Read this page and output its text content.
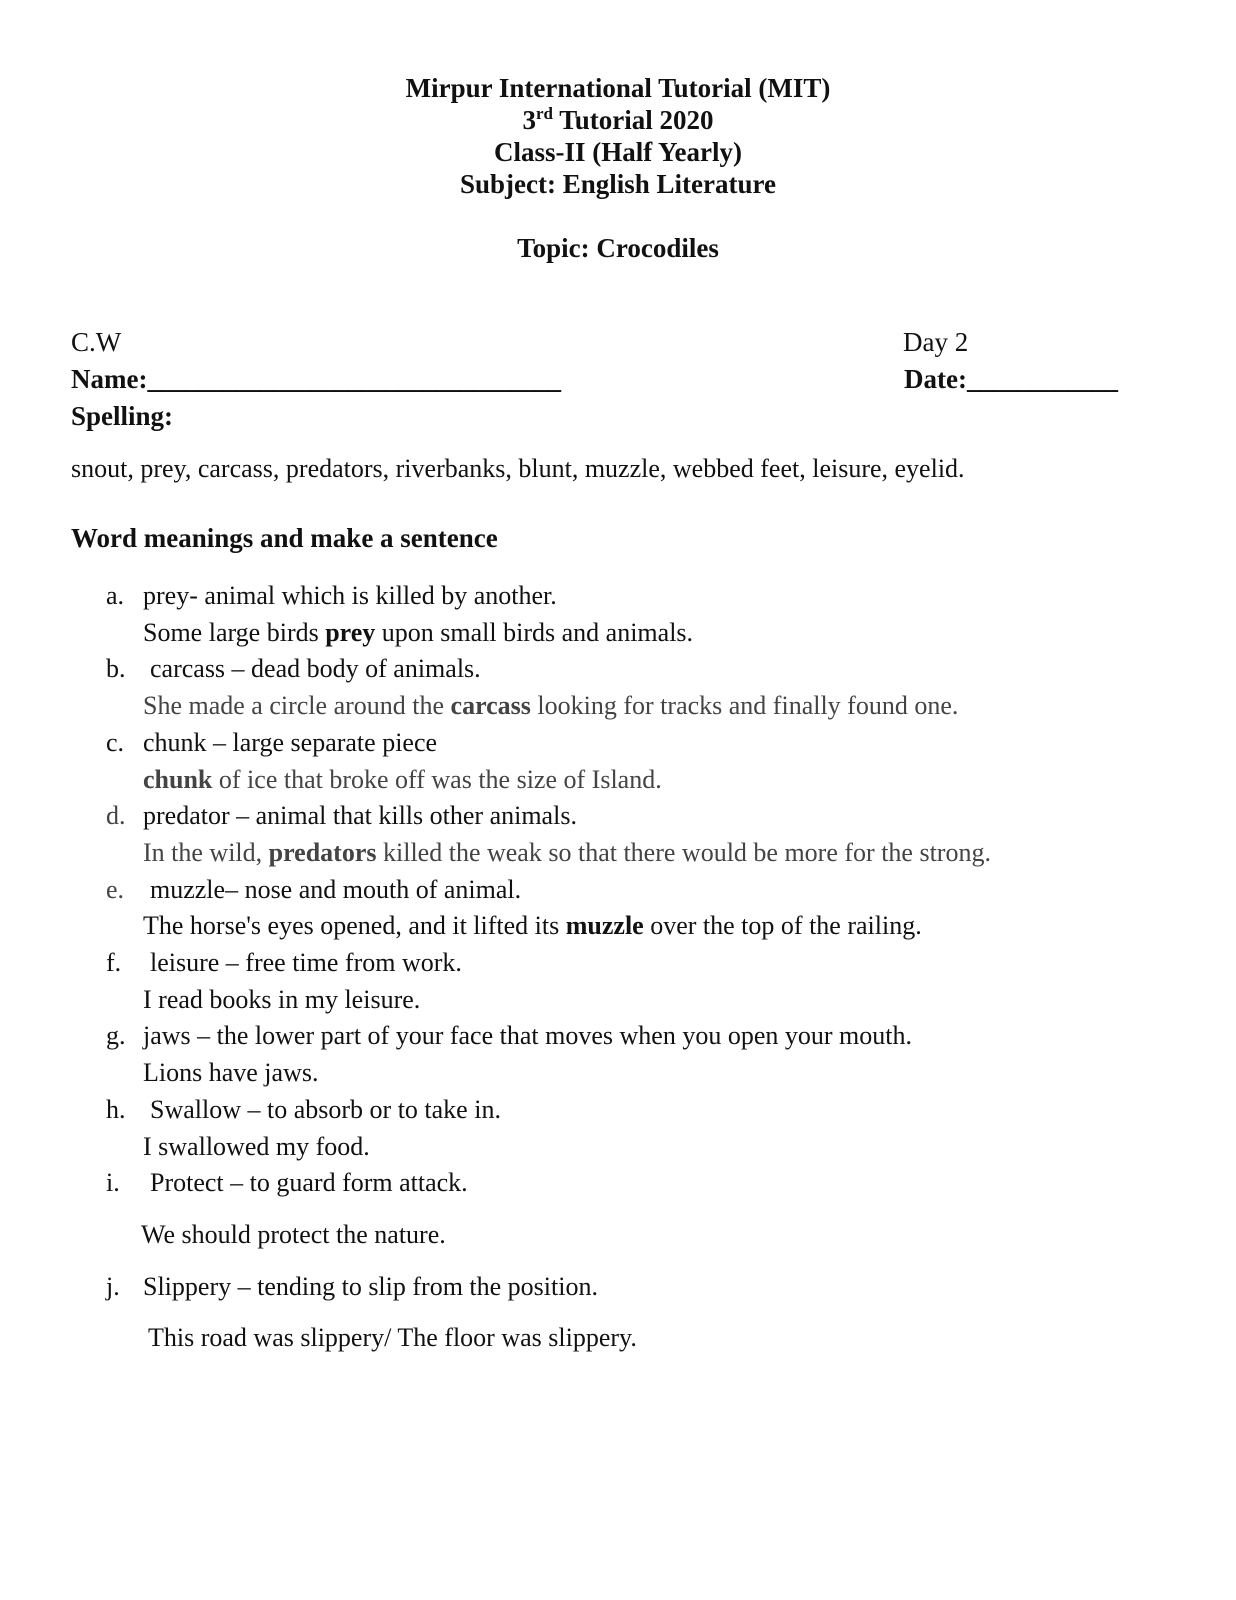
Mirpur International Tutorial (MIT)
3rd Tutorial 2020
Class-II (Half Yearly)
Subject: English Literature
Topic: Crocodiles
C.W	Day 2
Name:_________________________________	Date:____________
Spelling:
snout, prey, carcass, predators, riverbanks, blunt, muzzle, webbed feet, leisure, eyelid.
Word meanings and make a sentence
a. prey- animal which is killed by another.
Some large birds prey upon small birds and animals.
b. carcass – dead body of animals.
She made a circle around the carcass looking for tracks and finally found one.
c. chunk – large separate piece
chunk of ice that broke off was the size of Island.
d. predator – animal that kills other animals.
In the wild, predators killed the weak so that there would be more for the strong.
e. muzzle– nose and mouth of animal.
The horse's eyes opened, and it lifted its muzzle over the top of the railing.
f.	leisure – free time from work.
I read books in my leisure.
g. jaws – the lower part of your face that moves when you open your mouth.
Lions have jaws.
h. Swallow – to absorb or to take in.
I swallowed my food.
i.	Protect – to guard form attack.
We should protect the nature.
j. Slippery – tending to slip from the position.
This road was slippery/ The floor was slippery.
